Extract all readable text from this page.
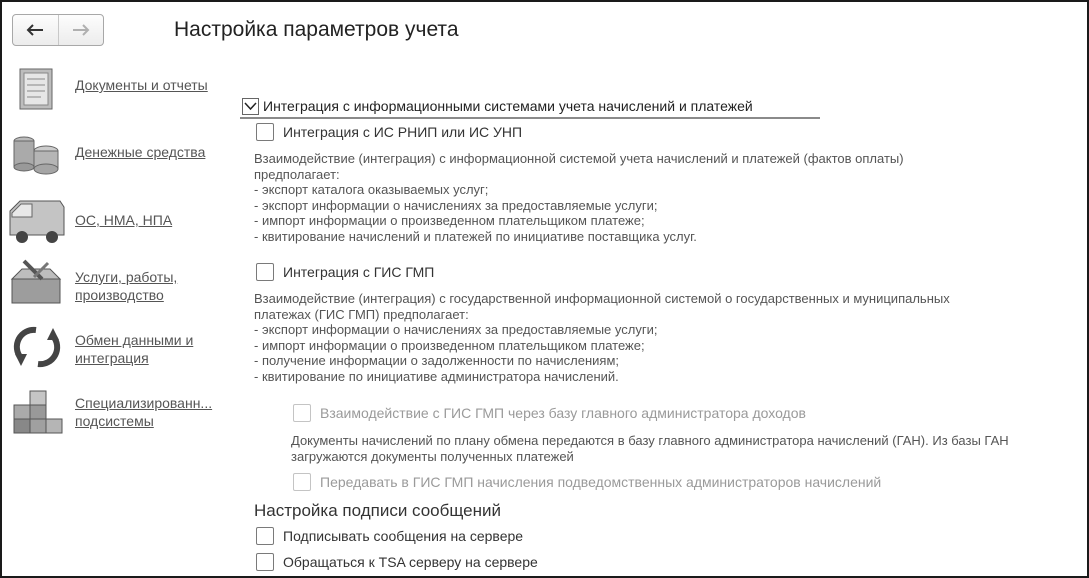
Настройка параметров учета
Документы и отчеты
Денежные средства
ОС, НМА, НПА
Услуги, работы, производство
Обмен данными и интеграция
Специализированн... подсистемы
Интеграция с информационными системами учета начислений и платежей
Интеграция с ИС РНИП или ИС УНП
Взаимодействие (интеграция) с информационной системой учета начислений и платежей (фактов оплаты)
предполагает:
- экспорт каталога оказываемых услуг;
- экспорт информации о начислениях за предоставляемые услуги;
- импорт информации о произведенном плательщиком платеже;
- квитирование начислений и платежей по инициативе поставщика услуг.
Интеграция с ГИС ГМП
Взаимодействие (интеграция) с государственной информационной системой о государственных и муниципальных
платежах (ГИС ГМП) предполагает:
- экспорт информации о начислениях за предоставляемые услуги;
- импорт информации о произведенном плательщиком платеже;
- получение информации о задолженности по начислениям;
- квитирование по инициативе администратора начислений.
Взаимодействие с ГИС ГМП через базу главного администратора доходов
Документы начислений по плану обмена передаются в базу главного администратора начислений (ГАН). Из базы ГАН загружаются документы полученных платежей
Передавать в ГИС ГМП начисления подведомственных администраторов начислений
Настройка подписи сообщений
Подписывать сообщения на сервере
Обращаться к TSA серверу на сервере
